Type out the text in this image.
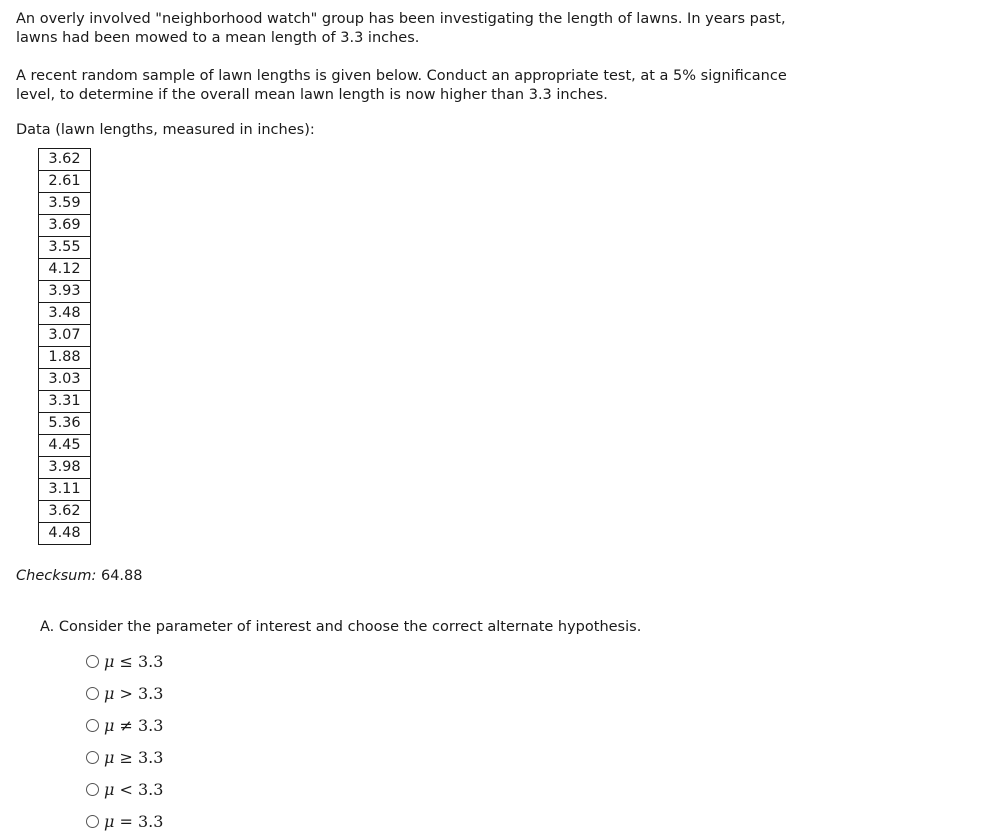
An overly involved "neighborhood watch" group has been investigating the length of lawns. In years past, lawns had been mowed to a mean length of 3.3 inches.

A recent random sample of lawn lengths is given below. Conduct an appropriate test, at a 5% significance level, to determine if the overall mean lawn length is now higher than 3.3 inches.

Data (lawn lengths, measured in inches):
3.62
2.61
3.59
3.69
3.55
4.12
3.93
3.48
3.07
1.88
3.03
3.31
5.36
4.45
3.98
3.11
3.62
4.48
Checksum: 64.88
A. Consider the parameter of interest and choose the correct alternate hypothesis.
μ ≤ 3.3
μ > 3.3
μ ≠ 3.3
μ ≥ 3.3
μ < 3.3
μ = 3.3
